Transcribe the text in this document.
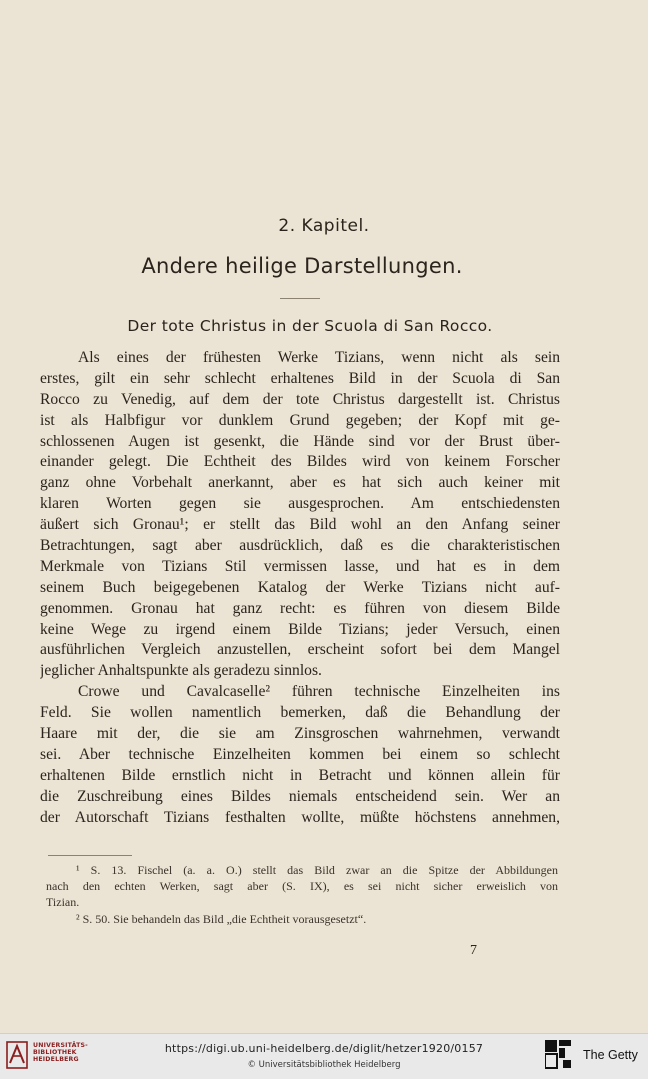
2. Kapitel.
Andere heilige Darstellungen.
Der tote Christus in der Scuola di San Rocco.
Als eines der frühesten Werke Tizians, wenn nicht als sein
erstes, gilt ein sehr schlecht erhaltenes Bild in der Scuola di San
Rocco zu Venedig, auf dem der tote Christus dargestellt ist. Christus
ist als Halbfigur vor dunklem Grund gegeben; der Kopf mit ge-
schlossenen Augen ist gesenkt, die Hände sind vor der Brust über-
einander gelegt. Die Echtheit des Bildes wird von keinem Forscher
ganz ohne Vorbehalt anerkannt, aber es hat sich auch keiner mit
klaren Worten gegen sie ausgesprochen. Am entschiedensten
äußert sich Gronau¹; er stellt das Bild wohl an den Anfang seiner
Betrachtungen, sagt aber ausdrücklich, daß es die charakteristischen
Merkmale von Tizians Stil vermissen lasse, und hat es in dem
seinem Buch beigegebenen Katalog der Werke Tizians nicht auf-
genommen. Gronau hat ganz recht: es führen von diesem Bilde
keine Wege zu irgend einem Bilde Tizians; jeder Versuch, einen
ausführlichen Vergleich anzustellen, erscheint sofort bei dem Mangel
jeglicher Anhaltspunkte als geradezu sinnlos.
Crowe und Cavalcaselle² führen technische Einzelheiten ins
Feld. Sie wollen namentlich bemerken, daß die Behandlung der
Haare mit der, die sie am Zinsgroschen wahrnehmen, verwandt
sei. Aber technische Einzelheiten kommen bei einem so schlecht
erhaltenen Bilde ernstlich nicht in Betracht und können allein für
die Zuschreibung eines Bildes niemals entscheidend sein. Wer an
der Autorschaft Tizians festhalten wollte, müßte höchstens annehmen,
¹ S. 13. Fischel (a. a. O.) stellt das Bild zwar an die Spitze der Abbildungen
nach den echten Werken, sagt aber (S. IX), es sei nicht sicher erweislich von
Tizian.
² S. 50. Sie behandeln das Bild „die Echtheit vorausgesetzt“.
7
UNIVERSITÄTS-
BIBLIOTHEK
HEIDELBERG
https://digi.ub.uni-heidelberg.de/diglit/hetzer1920/0157
© Universitätsbibliothek Heidelberg
The Getty
